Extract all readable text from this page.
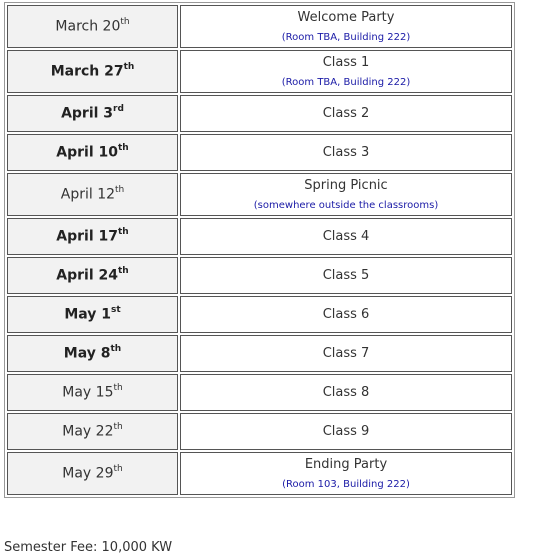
March 20th	Welcome Party
(Room TBA, Building 222)

March 27th	Class 1
(Room TBA, Building 222)

April 3rd	Class 2

April 10th	Class 3

April 12th	Spring Picnic
(somewhere outside the classrooms)

April 17th	Class 4

April 24th	Class 5

May 1st	Class 6

May 8th	Class 7

May 15th	Class 8

May 22th	Class 9

May 29th	Ending Party
(Room 103, Building 222)
Semester Fee: 10,000 KW
